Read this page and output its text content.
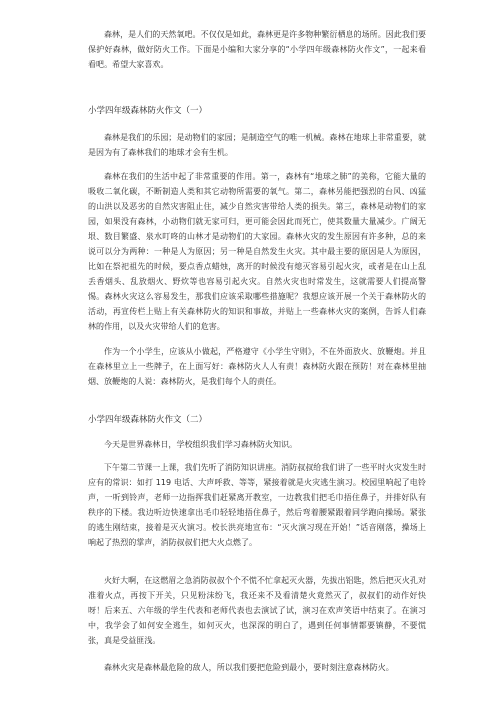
森林，是人们的天然氧吧。不仅仅是如此，森林更是许多物种繁衍栖息的场所。因此我们要保护好森林，做好防火工作。下面是小编和大家分享的“小学四年级森林防火作文”，一起来看看吧。希望大家喜欢。

小学四年级森林防火作文（一）

森林是我们的乐园；是动物们的家园；是制造空气的唯一机械。森林在地球上非常重要，就是因为有了森林我们的地球才会有生机。

森林在我们的生活中起了非常重要的作用。第一，森林有“地球之肺”的美称，它能大量的吸收二氧化碳，不断制造人类和其它动物所需要的氧气。第二，森林另能把强烈的台风、凶猛的山洪以及恶劣的自然灾害阻止住，减少自然灾害带给人类的损失。第三，森林是动物们的家园，如果没有森林，小动物们就无家可归，更可能会因此而死亡，使其数量大量减少。广阔无垠、数目繁盛、泉水叮咚的山林才是动物们的大家园。森林火灾的发生原因有许多种，总的来说可以分为两种：一种是人为原因；另一种是自然发生火灾。其中最主要的原因是人为原因，比如在祭祀祖先的时候，要点香点蜡烛，离开的时候没有熄灭容易引起火灾，或者是在山上乱丢香烟头、乱放烟火、野炊等也容易引起火灾。自然火灾也时常发生，这就需要人们提高警惕。森林火灾这么容易发生，那我们应该采取哪些措施呢？我想应该开展一个关于森林防火的活动，再宣传栏上贴上有关森林防火的知识和事故，并贴上一些森林火灾的案例，告诉人们森林的作用，以及火灾带给人们的危害。

作为一个小学生，应该从小做起，严格遵守《小学生守则》，不在外面放火、放鞭炮。并且在森林里立上一些牌子，在上面写好：森林防火人人有责！森林防火跟在预防！对在森林里抽烟、放鞭炮的人说：森林防火，是我们每个人的责任。

小学四年级森林防火作文（二）

今天是世界森林日，学校组织我们学习森林防火知识。

下午第二节课一上课，我们先听了消防知识讲座。消防叔叔给我们讲了一些平时火灾发生时应有的常识：如打 119 电话、大声呼救、等等，紧接着就是火灾逃生演习。校园里响起了电铃声，一听到铃声，老师一边指挥我们赶紧离开教室，一边教我们把毛巾捂住鼻子，并排好队有秩序的下楼。我边听边快速拿出毛巾轻轻地捂住鼻子，然后弯着腰紧跟着同学跑向操场。紧张的逃生刚结束，接着是灭火演习。校长洪亮地宣布：“灭火演习现在开始！”话音刚落，操场上响起了热烈的掌声，消防叔叔们把大火点燃了。

火好大啊，在这燃眉之急消防叔叔个个不慌不忙拿起灭火器，先拔出铝匙，然后把灭火孔对准着火点，再按下开关，只见粉沫纷飞，我还来不及看清楚火竟然灭了，叔叔们的动作好快呀！后来五、六年级的学生代表和老师代表也去演试了试，演习在欢声笑语中结束了。在演习中，我学会了如何安全逃生，如何灭火，也深深的明白了，遇到任何事情都要镇静，不要慌张，真是受益匪浅。

森林火灾是森林最危险的敌人，所以我们要把危险到最小，要时刻注意森林防火。
